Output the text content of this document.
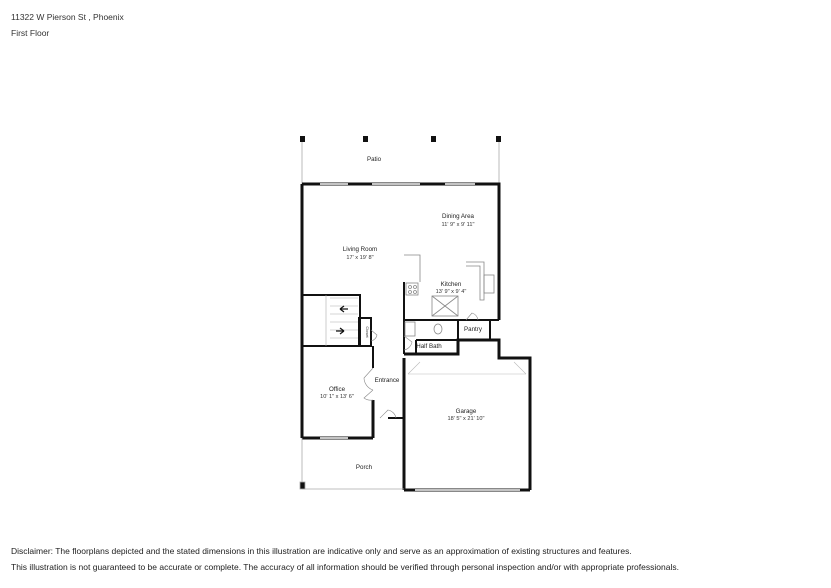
11322 W Pierson St , Phoenix
First Floor
Patio
Dining Area
11' 9" x 9' 11"
Living Room
17' x 19' 8"
Kitchen
13' 9" x 9' 4"
Pantry
Half Bath
Entrance
Office
10' 1" x 13' 6"
Garage
18' 5" x 21' 10"
Porch
Closet
Disclaimer: The floorplans depicted and the stated dimensions in this illustration are indicative only and serve as an approximation of existing structures and features.
This illustration is not guaranteed to be accurate or complete. The accuracy of all information should be verified through personal inspection and/or with appropriate professionals.
